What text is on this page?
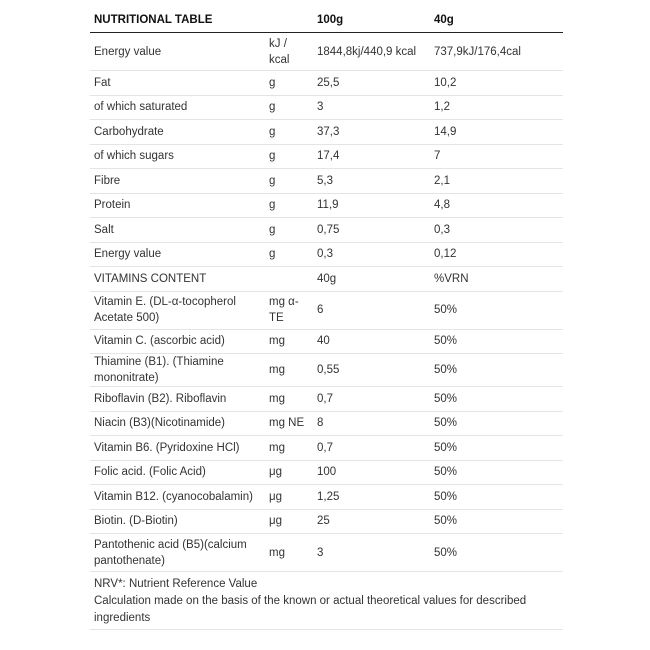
NUTRITIONAL TABLE		100g	40g
Energy value	kJ / kcal	1844,8kj/440,9 kcal	737,9kJ/176,4cal
Fat	g	25,5	10,2
of which saturated	g	3	1,2
Carbohydrate	g	37,3	14,9
of which sugars	g	17,4	7
Fibre	g	5,3	2,1
Protein	g	11,9	4,8
Salt	g	0,75	0,3
Energy value	g	0,3	0,12
VITAMINS CONTENT		40g	%VRN
Vitamin E. (DL-α-tocopherol Acetate 500)	mg α-TE	6	50%
Vitamin C. (ascorbic acid)	mg	40	50%
Thiamine (B1). (Thiamine mononitrate)	mg	0,55	50%
Riboflavin (B2). Riboflavin	mg	0,7	50%
Niacin (B3)(Nicotinamide)	mg NE	8	50%
Vitamin B6. (Pyridoxine HCl)	mg	0,7	50%
Folic acid. (Folic Acid)	μg	100	50%
Vitamin B12. (cyanocobalamin)	μg	1,25	50%
Biotin. (D-Biotin)	μg	25	50%
Pantothenic acid (B5)(calcium pantothenate)	mg	3	50%
NRV*: Nutrient Reference Value
Calculation made on the basis of the known or actual theoretical values for described ingredients
